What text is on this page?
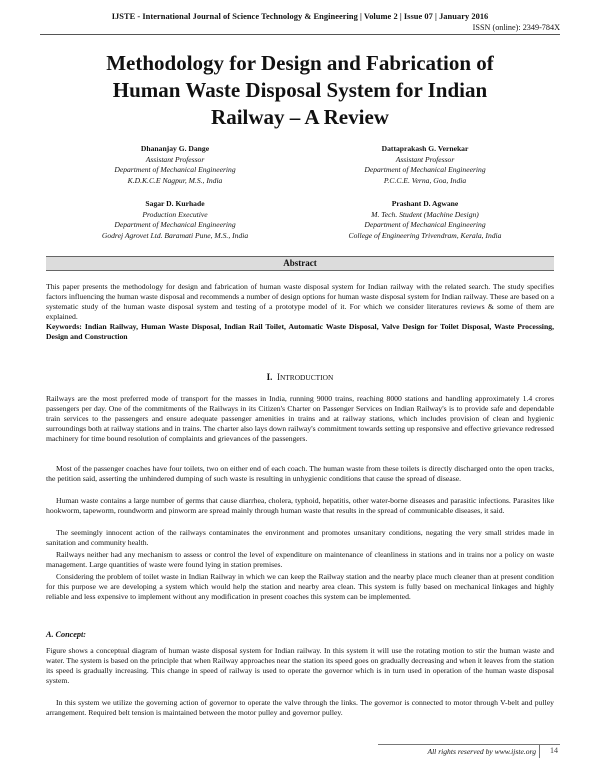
IJSTE - International Journal of Science Technology & Engineering | Volume 2 | Issue 07 | January 2016
ISSN (online): 2349-784X
Methodology for Design and Fabrication of
Human Waste Disposal System for Indian
Railway – A Review
Dhananjay G. Dange
Assistant Professor
Department of Mechanical Engineering
K.D.K.C.E Nagpur, M.S., India
Dattaprakash G. Vernekar
Assistant Professor
Department of Mechanical Engineering
P.C.C.E. Verna, Goa, India
Sagar D. Kurhade
Production Executive
Department of Mechanical Engineering
Godrej Agrovet Ltd. Baramati Pune, M.S., India
Prashant D. Agwane
M. Tech. Student (Machine Design)
Department of Mechanical Engineering
College of Engineering Trivendram, Kerala, India
Abstract
This paper presents the methodology for design and fabrication of human waste disposal system for Indian railway with the related search. The study specifies factors influencing the human waste disposal and recommends a number of design options for human waste disposal system for Indian railway. These are based on a systematic study of the human waste disposal system and testing of a prototype model of it. For which we consider literatures reviews & some of them are explained.
Keywords: Indian Railway, Human Waste Disposal, Indian Rail Toilet, Automatic Waste Disposal, Valve Design for Toilet Disposal, Waste Processing, Design and Construction
I. INTRODUCTION
Railways are the most preferred mode of transport for the masses in India, running 9000 trains, reaching 8000 stations and handling approximately 1.4 crores passengers per day. One of the commitments of the Railways in its Citizen's Charter on Passenger Services on Indian Railway's is to provide safe and dependable train services to the passengers and ensure adequate passenger amenities in trains and at railway stations, which includes provision of clean and hygienic surroundings both at railway stations and in trains. The charter also lays down railway's commitment towards setting up responsive and effective grievance redressed machinery for time bound resolution of complaints and grievances of the passengers.
Most of the passenger coaches have four toilets, two on either end of each coach. The human waste from these toilets is directly discharged onto the open tracks, the petition said, asserting the unhindered dumping of such waste is resulting in unhygienic conditions that cause the spread of disease.
Human waste contains a large number of germs that cause diarrhea, cholera, typhoid, hepatitis, other water-borne diseases and parasitic infections. Parasites like hookworm, tapeworm, roundworm and pinworm are spread mainly through human waste that results in the spread of communicable diseases, it said.
The seemingly innocent action of the railways contaminates the environment and promotes unsanitary conditions, negating the very small strides made in sanitation and community health.
Railways neither had any mechanism to assess or control the level of expenditure on maintenance of cleanliness in stations and in trains nor a policy on waste management. Large quantities of waste were found lying in station premises.
Considering the problem of toilet waste in Indian Railway in which we can keep the Railway station and the nearby place much cleaner than at present condition for this purpose we are developing a system which would help the station and nearby area clean. This system is fully based on mechanical linkages and highly reliable and less expensive to implement without any modification in present coaches this system can be implemented.
A. Concept:
Figure shows a conceptual diagram of human waste disposal system for Indian railway. In this system it will use the rotating motion to stir the human waste and water. The system is based on the principle that when Railway approaches near the station its speed goes on gradually decreasing and when it leaves from the station its speed is gradually increasing. This change in speed of railway is used to operate the governor which is in turn used in operation of the human waste disposal system.
In this system we utilize the governing action of governor to operate the valve through the links. The governor is connected to motor through V-belt and pulley arrangement. Required belt tension is maintained between the motor pulley and governor pulley.
All rights reserved by www.ijste.org	14
